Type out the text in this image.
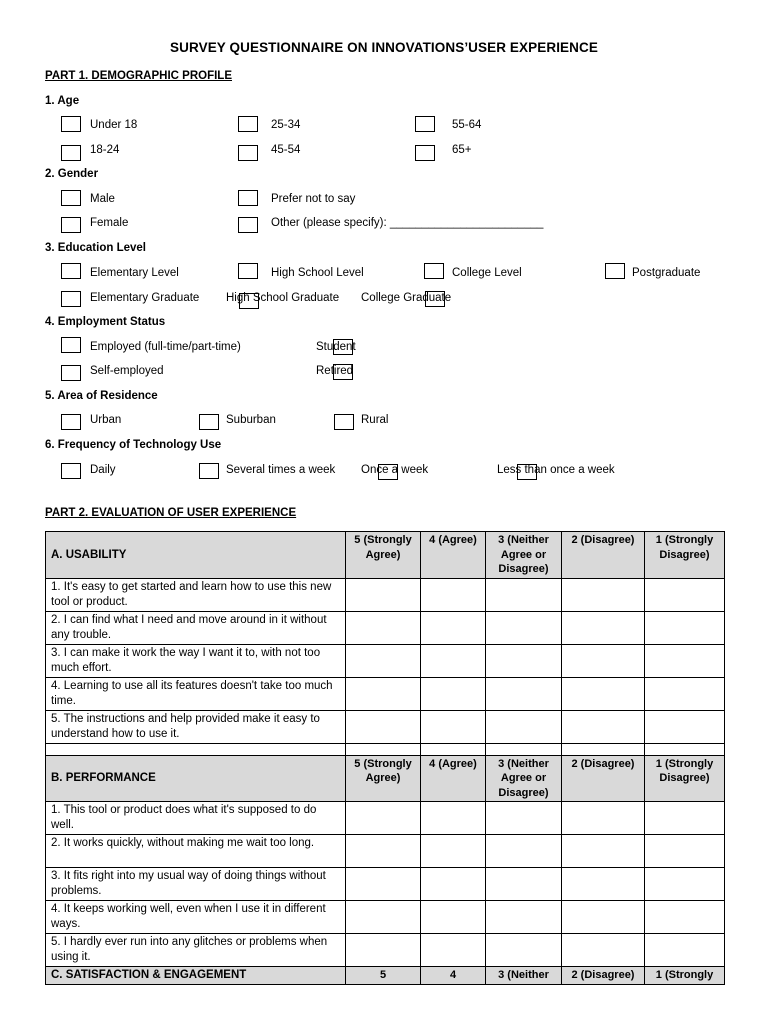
SURVEY QUESTIONNAIRE ON INNOVATIONS’USER EXPERIENCE
PART 1. DEMOGRAPHIC PROFILE
1. Age
Under 18	25-34	55-64
18-24	45-54	65+
2. Gender
Male	Prefer not to say
Female	Other (please specify): ________________________
3. Education Level
Elementary Level	High School Level	College Level	Postgraduate
Elementary Graduate High School Graduate College Graduate
4. Employment Status
Employed (full-time/part-time)	Student
Self-employed	Retired
5. Area of Residence
Urban	Suburban	Rural
6. Frequency of Technology Use
Daily	Several times a week Once a week	Less than once a week
PART 2. EVALUATION OF USER EXPERIENCE
A. USABILITY	5 (Strongly Agree)	4 (Agree)	3 (Neither Agree or Disagree)	2 (Disagree)	1 (Strongly Disagree)
1. It's easy to get started and learn how to use this new tool or product.					
2. I can find what I need and move around in it without any trouble.					
3. I can make it work the way I want it to, with not too much effort.					
4. Learning to use all its features doesn't take too much time.					
5. The instructions and help provided make it easy to understand how to use it.					

B. PERFORMANCE	5 (Strongly Agree)	4 (Agree)	3 (Neither Agree or Disagree)	2 (Disagree)	1 (Strongly Disagree)
1. This tool or product does what it's supposed to do well.					
2. It works quickly, without making me wait too long.					
3. It fits right into my usual way of doing things without problems.					
4. It keeps working well, even when I use it in different ways.					
5. I hardly ever run into any glitches or problems when using it.					
C. SATISFACTION & ENGAGEMENT	5	4	3 (Neither	2 (Disagree)	1 (Strongly
